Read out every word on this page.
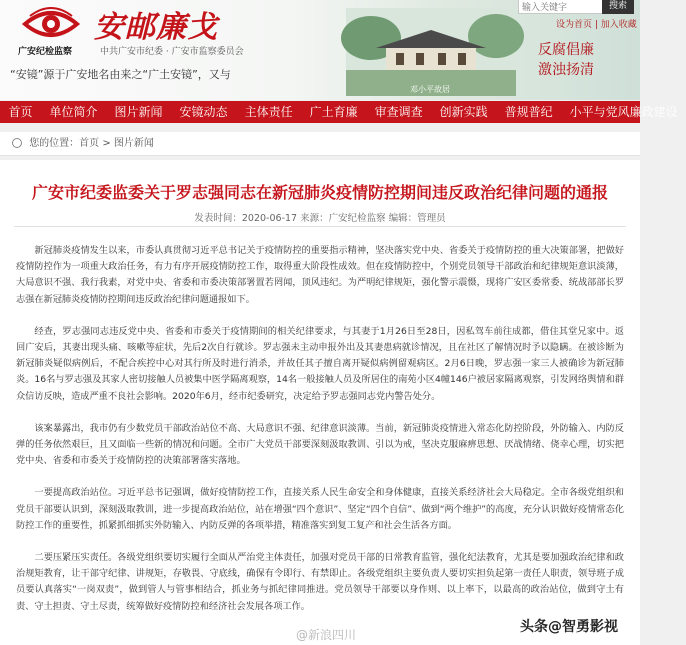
安邮廉戈
广安纪检监察	中共广安市纪委 · 广安市监察委员会
“安镜”源于广安地名由来之“广土安镜”，又与
邓小平故居
反腐倡廉
激浊扬清
输入关键字
搜索
设为首页 | 加入收藏
首页	单位简介	图片新闻	安镜动态	主体责任	广土育廉	审查调查	创新实践	普规普纪	小平与党风廉政建设
您的位置：首页 > 图片新闻
广安市纪委监委关于罗志强同志在新冠肺炎疫情防控期间违反政治纪律问题的通报
发表时间：2020-06-17 来源：广安纪检监察 编辑：管理员

新冠肺炎疫情发生以来，市委认真贯彻习近平总书记关于疫情防控的重要指示精神，坚决落实党中央、省委关于疫情防控的重大决策部署，把做好疫情防控作为一项重大政治任务，有力有序开展疫情防控工作，取得重大阶段性成效。但在疫情防控中，个别党员领导干部政治和纪律规矩意识淡薄，大局意识不强、我行我素，对党中央、省委和市委决策部署置若罔闻，顶风违纪。为严明纪律规矩，强化警示震慑，现将广安区委常委、统战部部长罗志强在新冠肺炎疫情防控期间违反政治纪律问题通报如下。

经查，罗志强同志违反党中央、省委和市委关于疫情期间的相关纪律要求，与其妻于1月26日至28日，因私驾车前往成都，借住其堂兄家中。返回广安后，其妻出现头痛、咳嗽等症状，先后2次自行就诊。罗志强未主动申报外出及其妻患病就诊情况，且在社区了解情况时予以隐瞒。在被诊断为新冠肺炎疑似病例后，不配合疾控中心对其行所及时进行消杀，并故任其子擅自离开疑似病例留观病区。2月6日晚，罗志强一家三人被确诊为新冠肺炎。16名与罗志强及其家人密切接触人员被集中医学隔离观察，14名一般接触人员及所居住的南苑小区4幢146户被居家隔离观察，引发网络舆情和群众信访反映，造成严重不良社会影响。2020年6月，经市纪委研究，决定给予罗志强同志党内警告处分。

该案暴露出，我市仍有少数党员干部政治站位不高、大局意识不强、纪律意识淡薄。当前，新冠肺炎疫情进入常态化防控阶段，外防输入、内防反弹的任务依然艰巨，且又面临一些新的情况和问题。全市广大党员干部要深刻汲取教训、引以为戒，坚决克服麻痹思想、厌战情绪、侥幸心理，切实把党中央、省委和市委关于疫情防控的决策部署落实落地。

一要提高政治站位。习近平总书记强调，做好疫情防控工作，直接关系人民生命安全和身体健康，直接关系经济社会大局稳定。全市各级党组织和党员干部要认识到，深刻汲取教训，进一步提高政治站位，站在增强“四个意识”、坚定“四个自信”、做到“两个维护”的高度，充分认识做好疫情常态化防控工作的重要性，抓紧抓细抓实外防输入、内防反弹的各项举措，精准落实到复工复产和社会生活各方面。

二要压紧压实责任。各级党组织要切实履行全面从严治党主体责任，加强对党员干部的日常教育监管，强化纪法教育，尤其是要加强政治纪律和政治规矩教育，让干部守纪律、讲规矩，存敬畏、守底线，确保有令即行、有禁即止。各级党组织主要负责人要切实担负起第一责任人职责，领导班子成员要认真落实“一岗双责”，做到管人与管事相结合，抓业务与抓纪律同推进。党员领导干部要以身作则、以上率下，以最高的政治站位，做到守土有责、守土担责、守土尽责，统筹做好疫情防控和经济社会发展各项工作。

@新浪四川	头条@智勇影视
